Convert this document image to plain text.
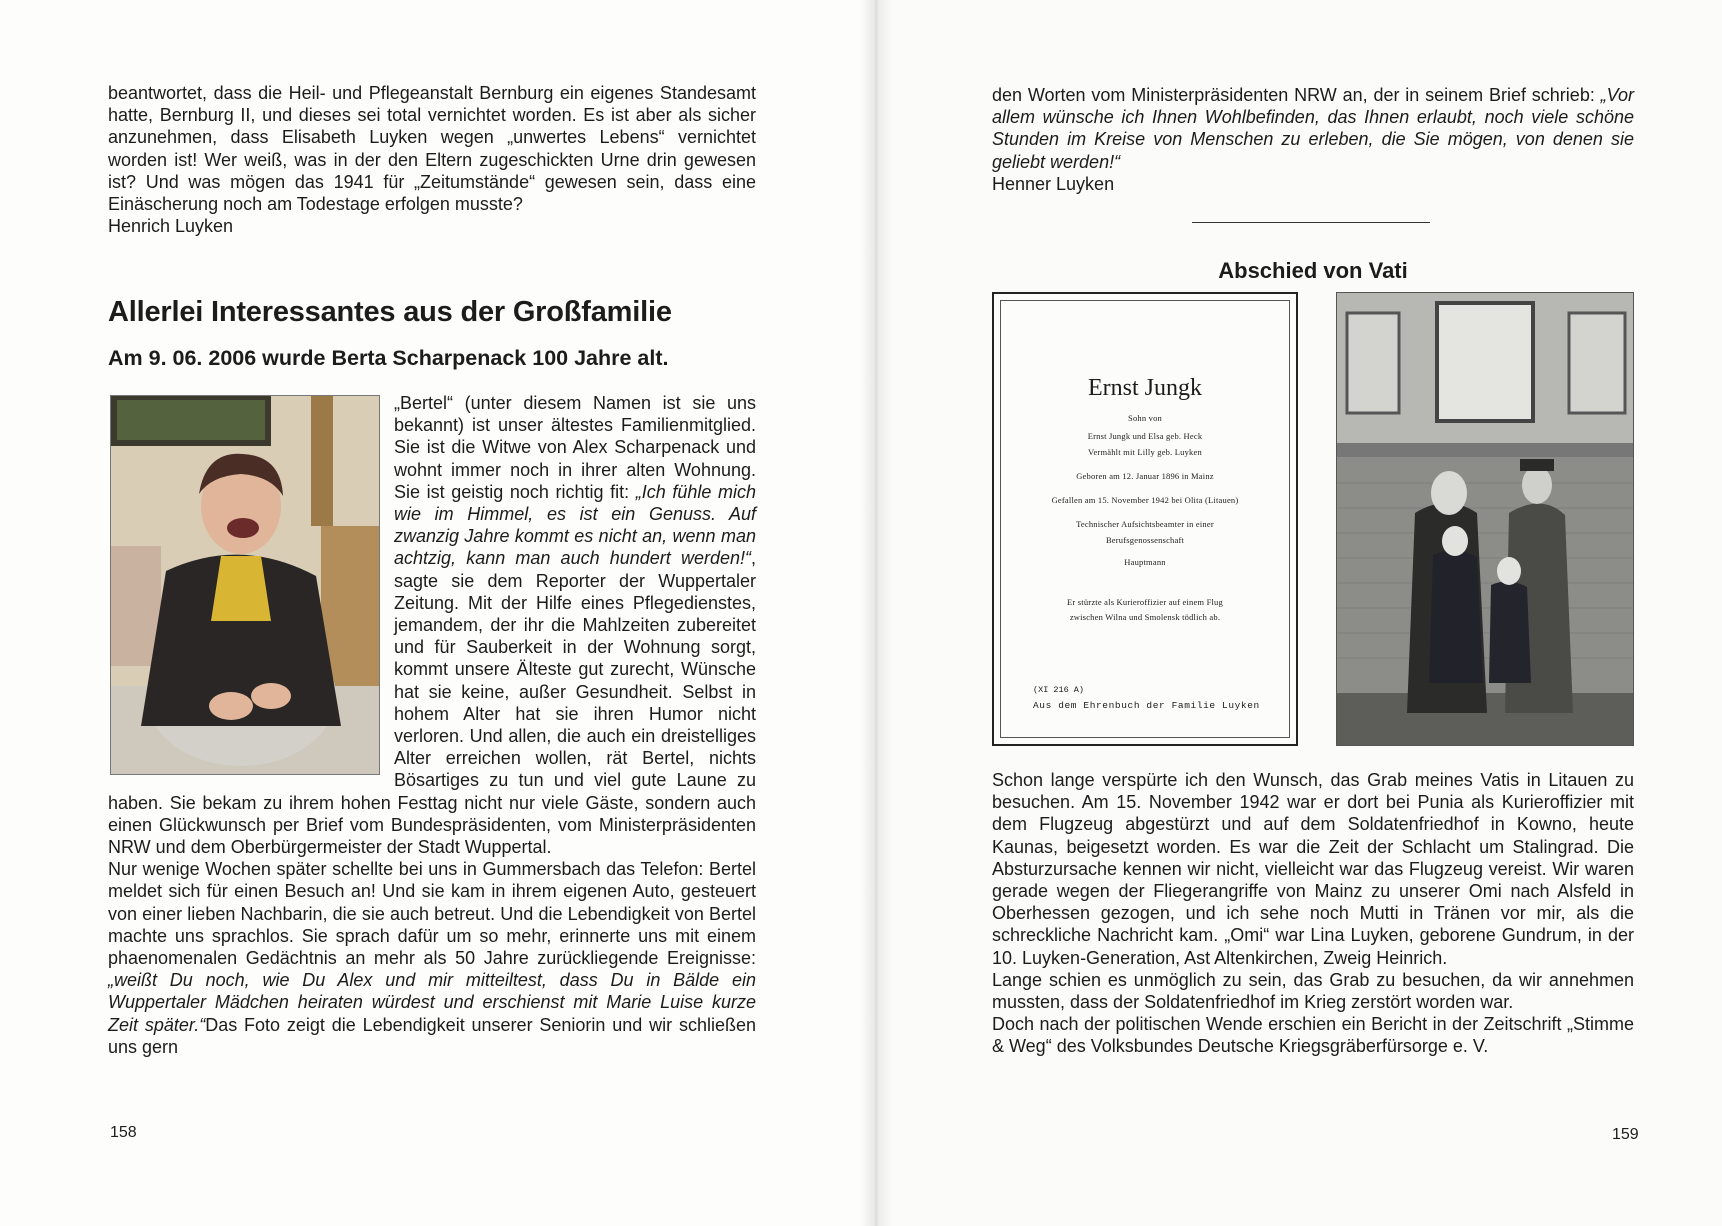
beantwortet, dass die Heil- und Pflegeanstalt Bernburg ein eigenes Standesamt hatte, Bernburg II, und dieses sei total vernichtet worden. Es ist aber als sicher anzunehmen, dass Elisabeth Luyken wegen „unwertes Lebens“ vernichtet worden ist! Wer weiß, was in der den Eltern zugeschickten Urne drin gewesen ist? Und was mögen das 1941 für „Zeitumstände“ gewesen sein, dass eine Einäscherung noch am Todestage erfolgen musste?

Henrich Luyken

Allerlei Interessantes aus der Großfamilie
Am 9. 06. 2006 wurde Berta Scharpenack 100 Jahre alt.

„Bertel“ (unter diesem Namen ist sie uns bekannt) ist unser ältestes Familienmitglied. Sie ist die Witwe von Alex Scharpenack und wohnt immer noch in ihrer alten Wohnung. Sie ist geistig noch richtig fit: „Ich fühle mich wie im Himmel, es ist ein Genuss. Auf zwanzig Jahre kommt es nicht an, wenn man achtzig, kann man auch hundert werden!“, sagte sie dem Reporter der Wuppertaler Zeitung. Mit der Hilfe eines Pflegedienstes, jemandem, der ihr die Mahlzeiten zubereitet und für Sauberkeit in der Wohnung sorgt, kommt unsere Älteste gut zurecht, Wünsche hat sie keine, außer Gesundheit. Selbst in hohem Alter hat sie ihren Humor nicht verloren. Und allen, die auch ein dreistelliges Alter erreichen wollen, rät Bertel, nichts Bösartiges zu tun und viel gute Laune zu haben. Sie bekam zu ihrem hohen Festtag nicht nur viele Gäste, sondern auch einen Glückwunsch per Brief vom Bundespräsidenten, vom Ministerpräsidenten NRW und dem Oberbürgermeister der Stadt Wuppertal.

Nur wenige Wochen später schellte bei uns in Gummersbach das Telefon: Bertel meldet sich für einen Besuch an! Und sie kam in ihrem eigenen Auto, gesteuert von einer lieben Nachbarin, die sie auch betreut. Und die Lebendigkeit von Bertel machte uns sprachlos. Sie sprach dafür um so mehr, erinnerte uns mit einem phaenomenalen Gedächtnis an mehr als 50 Jahre zurückliegende Ereignisse: „weißt Du noch, wie Du Alex und mir mitteiltest, dass Du in Bälde ein Wuppertaler Mädchen heiraten würdest und erschienst mit Marie Luise kurze Zeit später.“Das Foto zeigt die Lebendigkeit unserer Seniorin und wir schließen uns gern

158

den Worten vom Ministerpräsidenten NRW an, der in seinem Brief schrieb: „Vor allem wünsche ich Ihnen Wohlbefinden, das Ihnen erlaubt, noch viele schöne Stunden im Kreise von Menschen zu erleben, die Sie mögen, von denen sie geliebt werden!“

Henner Luyken

Abschied von Vati
Ernst Jungk
Sohn von
Ernst Jungk und Elsa geb. Heck
Vermählt mit Lilly geb. Luyken
Geboren am 12. Januar 1896 in Mainz
Gefallen am 15. November 1942 bei Olita (Litauen)
Technischer Aufsichtsbeamter in einer
Berufsgenossenschaft
Hauptmann
Er stürzte als Kurieroffizier auf einem Flug
zwischen Wilna und Smolensk tödlich ab.
(XI 216 A)
Aus dem Ehrenbuch der Familie Luyken

Schon lange verspürte ich den Wunsch, das Grab meines Vatis in Litauen zu besuchen. Am 15. November 1942 war er dort bei Punia als Kurieroffizier mit dem Flugzeug abgestürzt und auf dem Soldatenfriedhof in Kowno, heute Kaunas, beigesetzt worden. Es war die Zeit der Schlacht um Stalingrad. Die Absturzursache kennen wir nicht, vielleicht war das Flugzeug vereist. Wir waren gerade wegen der Fliegerangriffe von Mainz zu unserer Omi nach Alsfeld in Oberhessen gezogen, und ich sehe noch Mutti in Tränen vor mir, als die schreckliche Nachricht kam. „Omi“ war Lina Luyken, geborene Gundrum, in der 10. Luyken-Generation, Ast Altenkirchen, Zweig Heinrich.

Lange schien es unmöglich zu sein, das Grab zu besuchen, da wir annehmen mussten, dass der Soldatenfriedhof im Krieg zerstört worden war.

Doch nach der politischen Wende erschien ein Bericht in der Zeitschrift „Stimme & Weg“ des Volksbundes Deutsche Kriegsgräberfürsorge e. V.

159
